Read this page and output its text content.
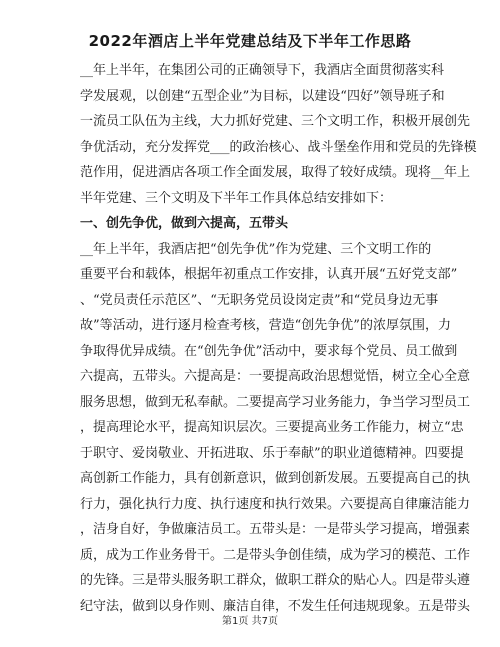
2022年酒店上半年党建总结及下半年工作思路
__年上半年，在集团公司的正确领导下，我酒店全面贯彻落实科
学发展观，以创建“五型企业”为目标，以建设“四好”领导班子和
一流员工队伍为主线，大力抓好党建、三个文明工作，积极开展创先
争优活动，充分发挥党___的政治核心、战斗堡垒作用和党员的先锋模
范作用，促进酒店各项工作全面发展，取得了较好成绩。现将__年上
半年党建、三个文明及下半年工作具体总结安排如下：
一、创先争优，做到六提高，五带头
__年上半年，我酒店把“创先争优”作为党建、三个文明工作的
重要平台和载体，根据年初重点工作安排，认真开展“五好党支部”
、“党员责任示范区”、“无职务党员设岗定责”和“党员身边无事
故”等活动，进行逐月检查考核，营造“创先争优”的浓厚氛围，力
争取得优异成绩。在“创先争优”活动中，要求每个党员、员工做到
六提高，五带头。六提高是：一要提高政治思想觉悟，树立全心全意
服务思想，做到无私奉献。二要提高学习业务能力，争当学习型员工
，提高理论水平，提高知识层次。三要提高业务工作能力，树立“忠
于职守、爱岗敬业、开拓进取、乐于奉献”的职业道德精神。四要提
高创新工作能力，具有创新意识，做到创新发展。五要提高自己的执
行力，强化执行力度、执行速度和执行效果。六要提高自律廉洁能力
，洁身自好，争做廉洁员工。五带头是：一是带头学习提高，增强素
质，成为工作业务骨干。二是带头争创佳绩，成为学习的模范、工作
的先锋。三是带头服务职工群众，做职工群众的贴心人。四是带头遵
纪守法，做到以身作则、廉洁自律，不发生任何违规现象。五是带头
第1页 共7页
